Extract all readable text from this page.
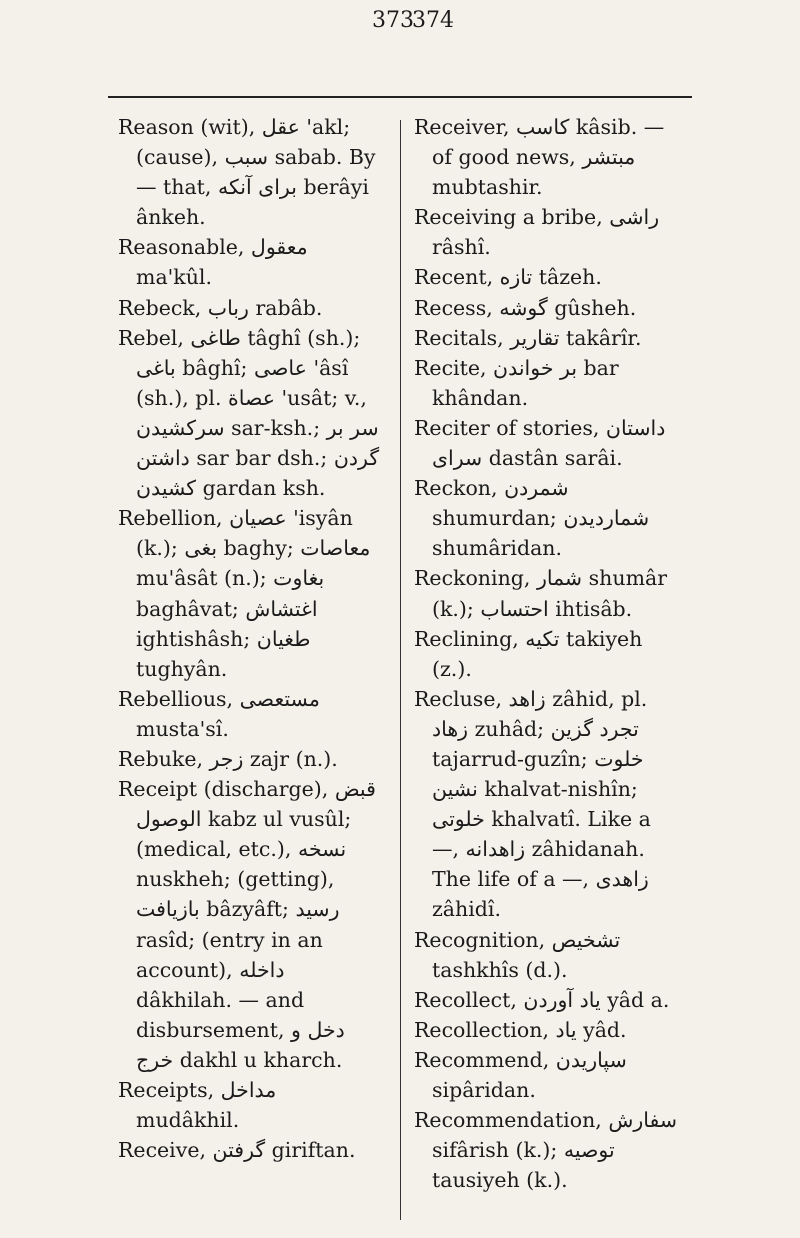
373
374

Reason (wit), عقل 'akl; (cause), سبب sabab. By — that, براى آنكه berâyi ânkeh.

Reasonable, معقول ma'kûl.

Rebeck, رباب rabâb.

Rebel, طاغى tâghî (sh.); باغى bâghî; عاصى 'âsî (sh.), pl. عصاة 'usât; v., سركشيدن sar-ksh.; سر بر داشتن sar bar dsh.; گردن كشيدن gardan ksh.

Rebellion, عصيان 'isyân (k.); بغى baghy; معاصات mu'âsât (n.); بغاوت baghâvat; اغتشاش ightishâsh; طغيان tughyân.

Rebellious, مستعصى musta'sî.

Rebuke, زجر zajr (n.).

Receipt (discharge), قبض الوصول kabz ul vusûl; (medical, etc.), نسخه nuskheh; (getting), بازيافت bâzyâft; رسيد rasîd; (entry in an account), داخله dâkhilah. — and disbursement, دخل و خرج dakhl u kharch.

Receipts, مداخل mudâkhil.

Receive, گرفتن giriftan.

Receiver, كاسب kâsib. — of good news, مبتشر mubtashir.

Receiving a bribe, راشى râshî.

Recent, تازه tâzeh.

Recess, گوشه gûsheh.

Recitals, تقارير takârîr.

Recite, بر خواندن bar khândan.

Reciter of stories, داستان سراى dastân sarâi.

Reckon, شمردن shumurdan; شمارديدن shumâridan.

Reckoning, شمار shumâr (k.); احتساب ihtisâb.

Reclining, تكيه takiyeh (z.).

Recluse, زاهد zâhid, pl. زهاد zuhâd; تجرد گزين tajarrud-guzîn; خلوت نشين khalvat-nishîn; خلوتى khalvatî. Like a —, زاهدانه zâhidanah. The life of a —, زاهدى zâhidî.

Recognition, تشخيص tashkhîs (d.).

Recollect, ياد آوردن yâd a.

Recollection, ياد yâd.

Recommend, سپاريدن sipâridan.

Recommendation, سفارش sifârish (k.); توصيه tausiyeh (k.).
